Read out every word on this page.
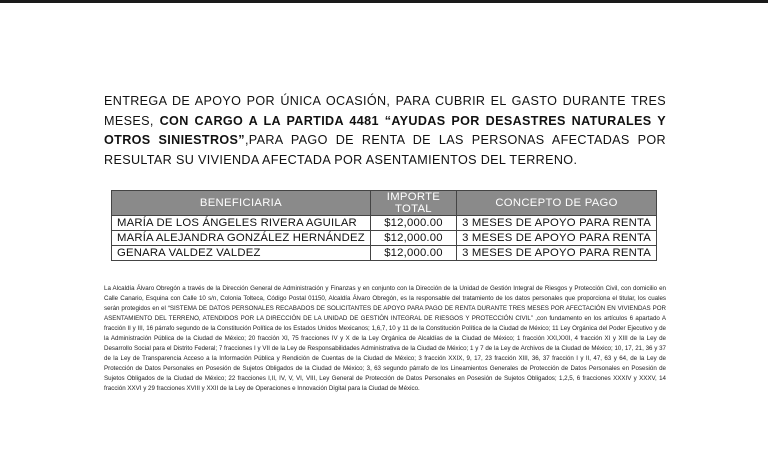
ENTREGA DE APOYO POR ÚNICA OCASIÓN, PARA CUBRIR EL GASTO DURANTE TRES MESES, CON CARGO A LA PARTIDA 4481 “AYUDAS POR DESASTRES NATURALES Y OTROS SINIESTROS”,PARA PAGO DE RENTA DE LAS PERSONAS AFECTADAS POR RESULTAR SU VIVIENDA AFECTADA POR ASENTAMIENTOS DEL TERRENO.

BENEFICIARIA	IMPORTE TOTAL	CONCEPTO DE PAGO
MARÍA DE LOS ÁNGELES RIVERA AGUILAR	$12,000.00	3 MESES DE APOYO PARA RENTA
MARÍA ALEJANDRA GONZÁLEZ HERNÁNDEZ	$12,000.00	3 MESES DE APOYO PARA RENTA
GENARA VALDEZ VALDEZ	$12,000.00	3 MESES DE APOYO PARA RENTA

La Alcaldía Álvaro Obregón a través de la Dirección General de Administración y Finanzas y en conjunto con la Dirección de la Unidad de Gestión Integral de Riesgos y Protección Civil, con domicilio en Calle Canario, Esquina con Calle 10 s/n, Colonia Tolteca, Código Postal 01150, Alcaldía Álvaro Obregón, es la responsable del tratamiento de los datos personales que proporciona el titular, los cuales serán protegidos en el “SISTEMA DE DATOS PERSONALES RECABADOS DE SOLICITANTES DE APOYO PARA PAGO DE RENTA DURANTE TRES MESES POR AFECTACIÓN EN VIVIENDAS POR ASENTAMIENTO DEL TERRENO, ATENDIDOS POR LA DIRECCIÓN DE LA UNIDAD DE GESTIÓN INTEGRAL DE RIESGOS Y PROTECCIÓN CIVIL” ,con fundamento en los artículos 6 apartado A fracción II y III, 16 párrafo segundo de la Constitución Política de los Estados Unidos Mexicanos; 1,6,7, 10 y 11 de la Constitución Política de la Ciudad de México; 11 Ley Orgánica del Poder Ejecutivo y de la Administración Pública de la Ciudad de México; 20 fracción XI, 75 fracciones IV y X de la Ley Orgánica de Alcaldías de la Ciudad de México; 1 fracción XXI,XXII, 4 fracción XI y XIII de la Ley de Desarrollo Social para el Distrito Federal; 7 fracciones I y VII de la Ley de Responsabilidades Administrativa de la Ciudad de México; 1 y 7 de la Ley de Archivos de la Ciudad de México; 10, 17, 21, 36 y 37 de la Ley de Transparencia Acceso a la Información Pública y Rendición de Cuentas de la Ciudad de México; 3 fracción XXIX, 9, 17, 23 fracción XIII, 36, 37 fracción I y II, 47, 63 y 64, de la Ley de Protección de Datos Personales en Posesión de Sujetos Obligados de la Ciudad de México; 3, 63 segundo párrafo de los Lineamientos Generales de Protección de Datos Personales en Posesión de Sujetos Obligados de la Ciudad de México; 22 fracciones I,II, IV, V, VI, VIII, Ley General de Protección de Datos Personales en Posesión de Sujetos Obligados; 1,2,5, 6 fracciones XXXIV y XXXV, 14 fracción XXVI y 29 fracciones XVIII y XXII de la Ley de Operaciones e Innovación Digital para la Ciudad de México.
